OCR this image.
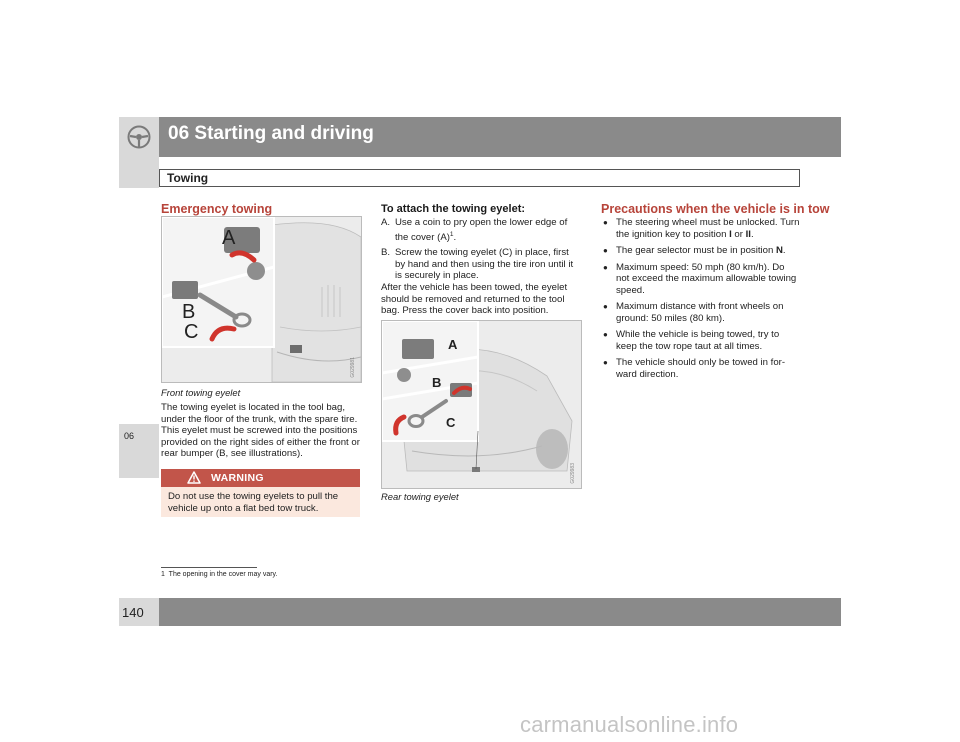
06 Starting and driving
Towing
06
Emergency towing
A
B
C
G029981
Front towing eyelet

The towing eyelet is located in the tool bag, under the floor of the trunk, with the spare tire. This eyelet must be screwed into the positions provided on the right sides of either the front or rear bumper (B, see illustrations).

WARNING
Do not use the towing eyelets to pull the vehicle up onto a flat bed tow truck.
To attach the towing eyelet:
A. Use a coin to pry open the lower edge of the cover $(A)^1$.
B. Screw the towing eyelet (C) in place, first by hand and then using the tire iron until it is securely in place.

After the vehicle has been towed, the eyelet should be removed and returned to the tool bag. Press the cover back into position.

A
B
C
G029983
Rear towing eyelet
Precautions when the vehicle is in tow
● The steering wheel must be unlocked. Turn the ignition key to position I or II.
● The gear selector must be in position N.
● Maximum speed: 50 mph (80 km/h). Do not exceed the maximum allowable towing speed.
● Maximum distance with front wheels on ground: 50 miles (80 km).
● While the vehicle is being towed, try to keep the tow rope taut at all times.
● The vehicle should only be towed in for-ward direction.
1 The opening in the cover may vary.
140
carmanualsonline.info
